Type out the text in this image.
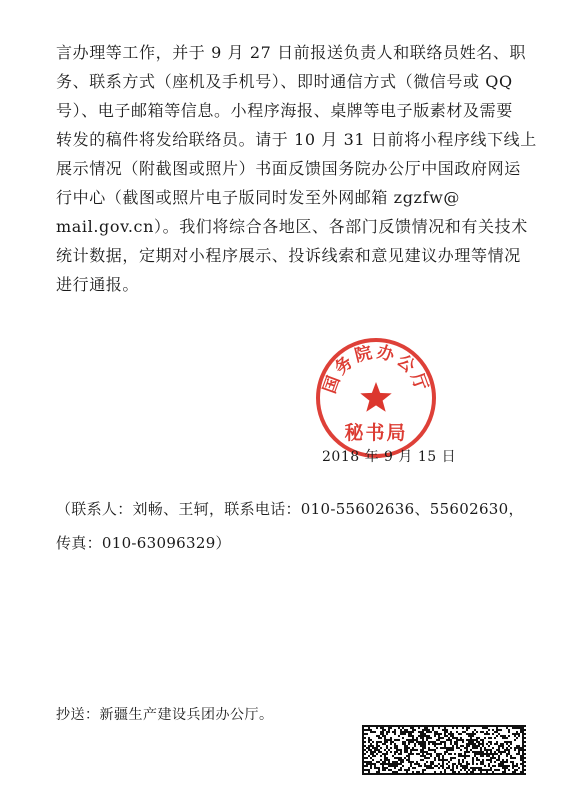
言办理等工作，并于 9 月 27 日前报送负责人和联络员姓名、职
务、联系方式（座机及手机号）、即时通信方式（微信号或 QQ
号）、电子邮箱等信息。小程序海报、桌牌等电子版素材及需要
转发的稿件将发给联络员。请于 10 月 31 日前将小程序线下线上
展示情况（附截图或照片）书面反馈国务院办公厅中国政府网运
行中心（截图或照片电子版同时发至外网邮箱 zgzfw@
mail.gov.cn）。我们将综合各地区、各部门反馈情况和有关技术
统计数据，定期对小程序展示、投诉线索和意见建议办理等情况
进行通报。
国务院办公厅
秘书局
2018 年 9 月 15 日
（联系人：刘畅、王轲，联系电话：010-55602636、55602630，
传真：010-63096329）
抄送：新疆生产建设兵团办公厅。
